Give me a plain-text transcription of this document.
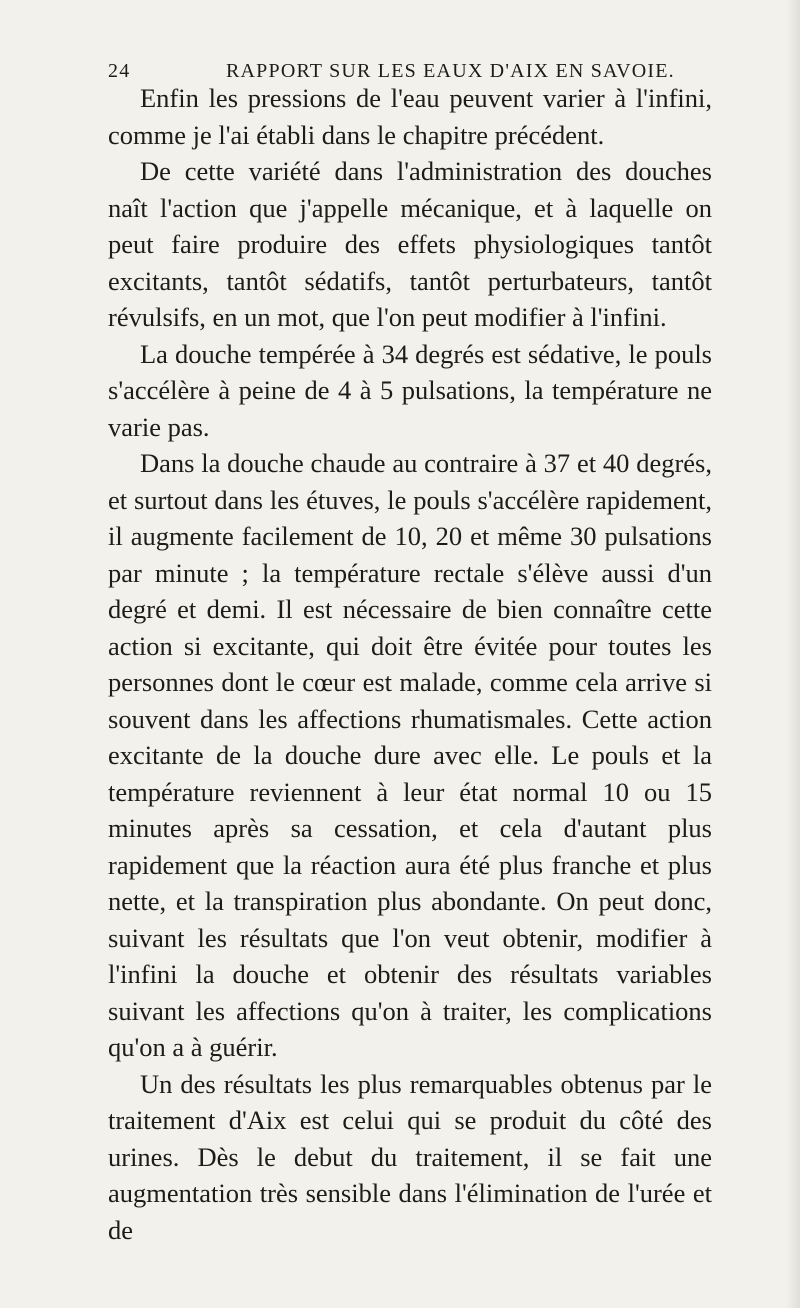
24	RAPPORT SUR LES EAUX D'AIX EN SAVOIE.

Enfin les pressions de l'eau peuvent varier à l'infini, comme je l'ai établi dans le chapitre précédent.

De cette variété dans l'administration des douches naît l'action que j'appelle mécanique, et à laquelle on peut faire produire des effets physiologiques tantôt excitants, tantôt sédatifs, tantôt perturbateurs, tantôt révulsifs, en un mot, que l'on peut modifier à l'infini.

La douche tempérée à 34 degrés est sédative, le pouls s'accélère à peine de 4 à 5 pulsations, la température ne varie pas.

Dans la douche chaude au contraire à 37 et 40 degrés, et surtout dans les étuves, le pouls s'accélère rapidement, il augmente facilement de 10, 20 et même 30 pulsations par minute ; la température rectale s'élève aussi d'un degré et demi. Il est nécessaire de bien connaître cette action si excitante, qui doit être évitée pour toutes les personnes dont le cœur est malade, comme cela arrive si souvent dans les affections rhumatismales. Cette action excitante de la douche dure avec elle. Le pouls et la température reviennent à leur état normal 10 ou 15 minutes après sa cessation, et cela d'autant plus rapidement que la réaction aura été plus franche et plus nette, et la transpiration plus abondante. On peut donc, suivant les résultats que l'on veut obtenir, modifier à l'infini la douche et obtenir des résultats variables suivant les affections qu'on à traiter, les complications qu'on a à guérir.

Un des résultats les plus remarquables obtenus par le traitement d'Aix est celui qui se produit du côté des urines. Dès le debut du traitement, il se fait une augmentation très sensible dans l'élimination de l'urée et de
